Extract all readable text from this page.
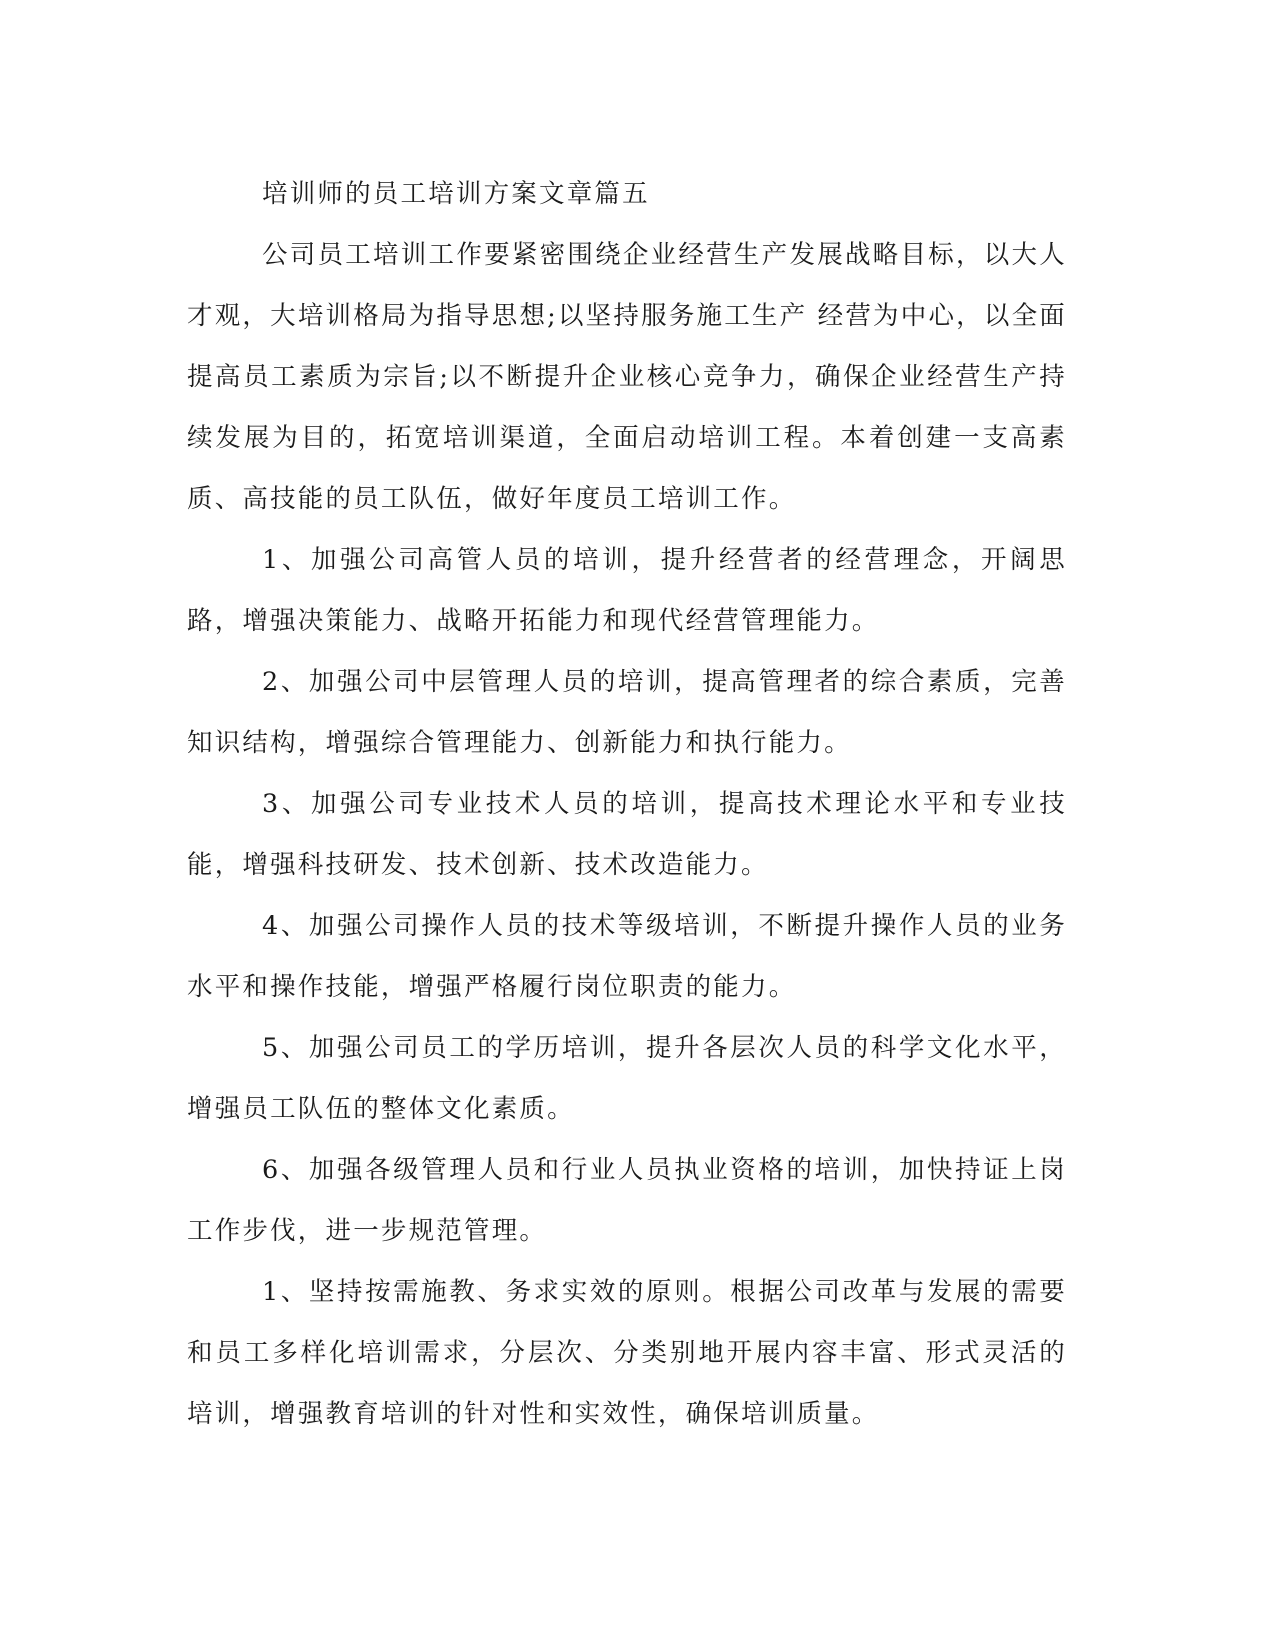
培训师的员工培训方案文章篇五

公司员工培训工作要紧密围绕企业经营生产发展战略目标，以大人才观，大培训格局为指导思想;以坚持服务施工生产 经营为中心，以全面提高员工素质为宗旨;以不断提升企业核心竞争力，确保企业经营生产持续发展为目的，拓宽培训渠道，全面启动培训工程。本着创建一支高素 质、高技能的员工队伍，做好年度员工培训工作。

1、加强公司高管人员的培训，提升经营者的经营理念，开阔思路，增强决策能力、战略开拓能力和现代经营管理能力。

2、加强公司中层管理人员的培训，提高管理者的综合素质，完善知识结构，增强综合管理能力、创新能力和执行能力。

3、加强公司专业技术人员的培训，提高技术理论水平和专业技能，增强科技研发、技术创新、技术改造能力。

4、加强公司操作人员的技术等级培训，不断提升操作人员的业务水平和操作技能，增强严格履行岗位职责的能力。

5、加强公司员工的学历培训，提升各层次人员的科学文化水平，增强员工队伍的整体文化素质。

6、加强各级管理人员和行业人员执业资格的培训，加快持证上岗工作步伐，进一步规范管理。

1、坚持按需施教、务求实效的原则。根据公司改革与发展的需要和员工多样化培训需求，分层次、分类别地开展内容丰富、形式灵活的培训，增强教育培训的针对性和实效性，确保培训质量。
